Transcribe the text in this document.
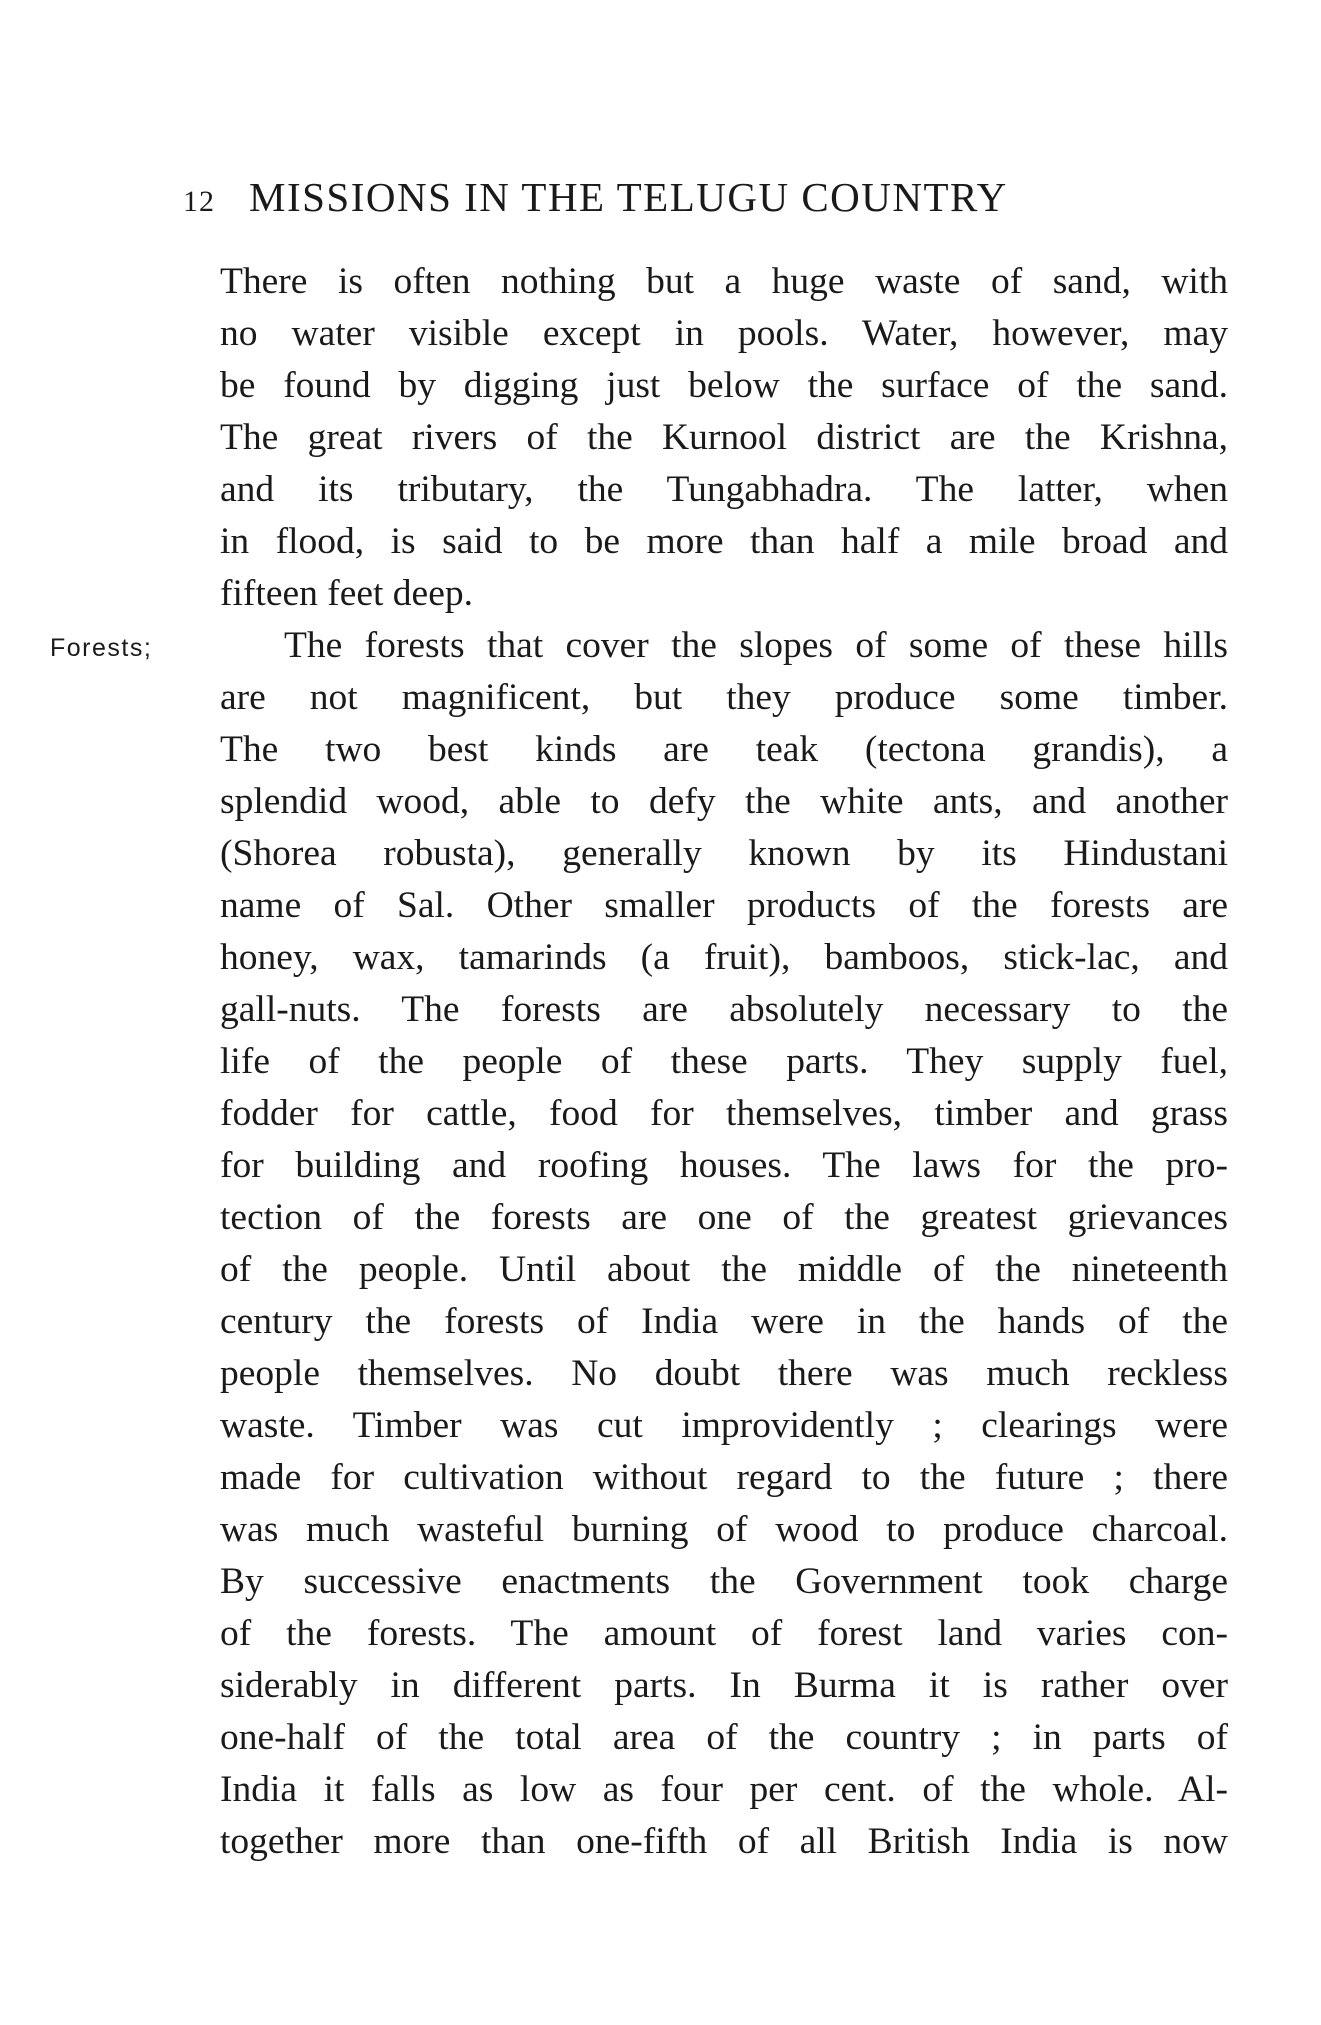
12 MISSIONS IN THE TELUGU COUNTRY
Forests;
There is often nothing but a huge waste of sand, with
no water visible except in pools. Water, however, may
be found by digging just below the surface of the sand.
The great rivers of the Kurnool district are the Krishna,
and its tributary, the Tungabhadra. The latter, when
in flood, is said to be more than half a mile broad and
fifteen feet deep.
The forests that cover the slopes of some of these hills
are not magnificent, but they produce some timber.
The two best kinds are teak (tectona grandis), a
splendid wood, able to defy the white ants, and another
(Shorea robusta), generally known by its Hindustani
name of Sal. Other smaller products of the forests are
honey, wax, tamarinds (a fruit), bamboos, stick-lac, and
gall-nuts. The forests are absolutely necessary to the
life of the people of these parts. They supply fuel,
fodder for cattle, food for themselves, timber and grass
for building and roofing houses. The laws for the pro-
tection of the forests are one of the greatest grievances
of the people. Until about the middle of the nineteenth
century the forests of India were in the hands of the
people themselves. No doubt there was much reckless
waste. Timber was cut improvidently ; clearings were
made for cultivation without regard to the future ; there
was much wasteful burning of wood to produce charcoal.
By successive enactments the Government took charge
of the forests. The amount of forest land varies con-
siderably in different parts. In Burma it is rather over
one-half of the total area of the country ; in parts of
India it falls as low as four per cent. of the whole. Al-
together more than one-fifth of all British India is now
